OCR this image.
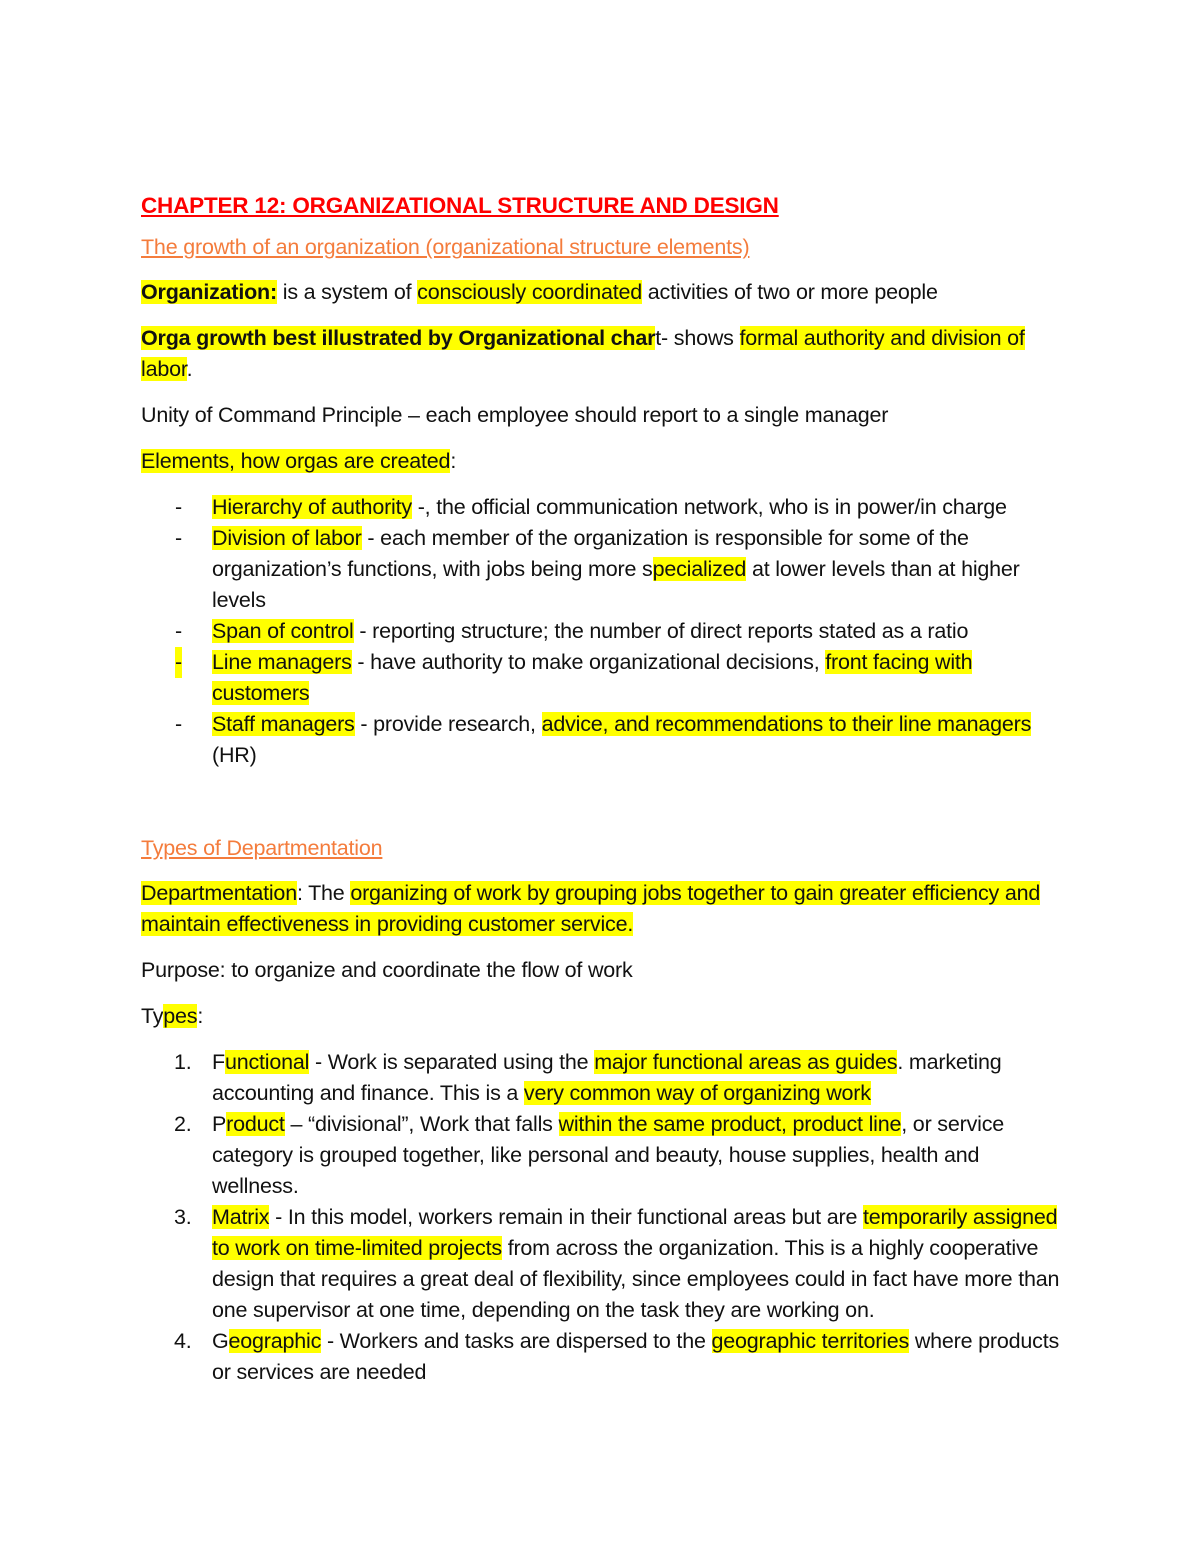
CHAPTER 12: ORGANIZATIONAL STRUCTURE AND DESIGN
The growth of an organization (organizational structure elements)

Organization: is a system of consciously coordinated activities of two or more people

Orga growth best illustrated by Organizational chart- shows formal authority and division of labor.

Unity of Command Principle – each employee should report to a single manager

Elements, how orgas are created:

- Hierarchy of authority -, the official communication network, who is in power/in charge
- Division of labor - each member of the organization is responsible for some of the organization’s functions, with jobs being more specialized at lower levels than at higher levels
- Span of control - reporting structure; the number of direct reports stated as a ratio
- Line managers - have authority to make organizational decisions, front facing with customers
- Staff managers - provide research, advice, and recommendations to their line managers (HR)
Types of Departmentation

Departmentation: The organizing of work by grouping jobs together to gain greater efficiency and maintain effectiveness in providing customer service.

Purpose: to organize and coordinate the flow of work

Types:

1. Functional - Work is separated using the major functional areas as guides. marketing accounting and finance. This is a very common way of organizing work
2. Product – “divisional”, Work that falls within the same product, product line, or service category is grouped together, like personal and beauty, house supplies, health and wellness.
3. Matrix - In this model, workers remain in their functional areas but are temporarily assigned to work on time-limited projects from across the organization. This is a highly cooperative design that requires a great deal of flexibility, since employees could in fact have more than one supervisor at one time, depending on the task they are working on.
4. Geographic - Workers and tasks are dispersed to the geographic territories where products or services are needed
